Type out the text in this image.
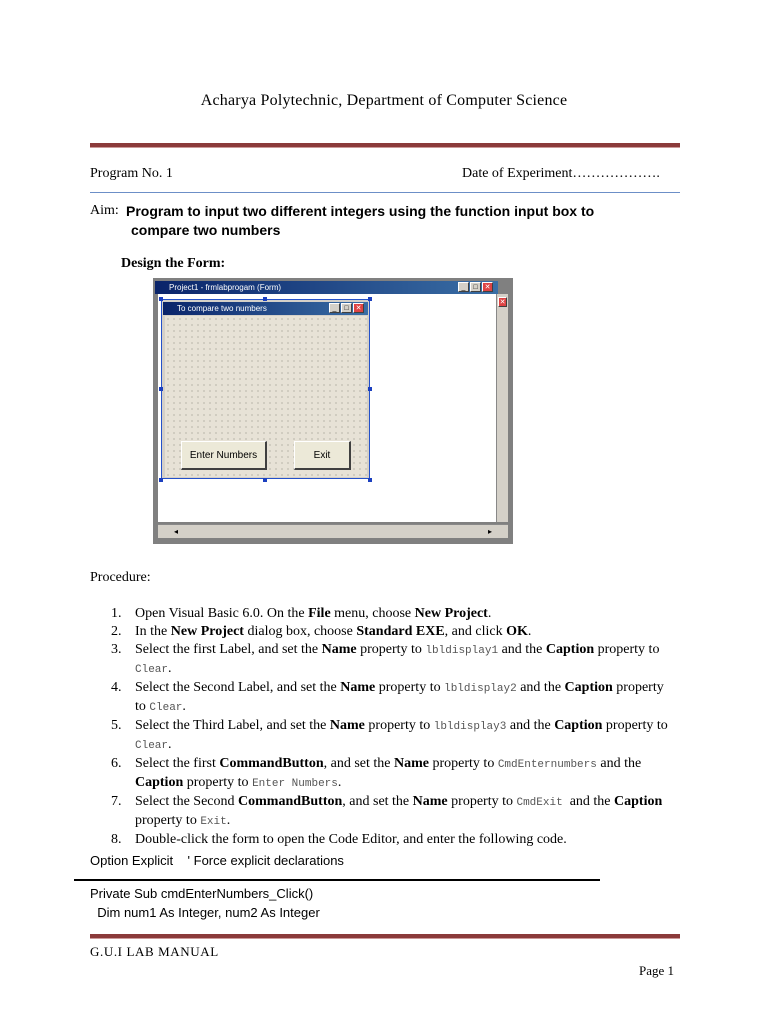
Acharya Polytechnic, Department of Computer Science
Program No. 1	Date of Experiment……………….
Aim: Program to input two different integers using the function input box to
compare two numbers
Design the Form:
Project1 - frmlabprogam (Form)	_	□ ✕
✕
◂	▸
To compare two numbers	_	□ ✕
Enter Numbers	Exit
Procedure:
1. Open Visual Basic 6.0. On the File menu, choose New Project.
2. In the New Project dialog box, choose Standard EXE, and click OK.
3. Select the first Label, and set the Name property to lbldisplay1 and the Caption property to Clear.
4. Select the Second Label, and set the Name property to lbldisplay2 and the Caption property to Clear.
5. Select the Third Label, and set the Name property to lbldisplay3 and the Caption property to Clear.
6. Select the first CommandButton, and set the Name property to CmdEnternumbers and the Caption property to Enter Numbers.
7. Select the Second CommandButton, and set the Name property to CmdExit  and the Caption property to Exit.
8. Double-click the form to open the Code Editor, and enter the following code.
Option Explicit    ' Force explicit declarations
Private Sub cmdEnterNumbers_Click()
Dim num1 As Integer, num2 As Integer
G.U.I LAB MANUAL
Page 1
